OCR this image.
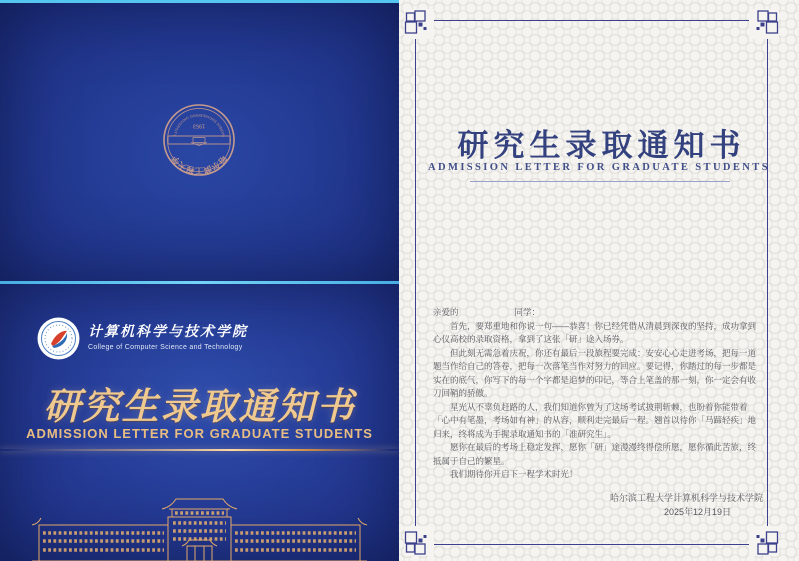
哈尔滨工程大学
HARBIN ENGINEERING UNIVERSITY
1953
计算机科学与技术学院
College of Computer Science and Technology
研究生录取通知书
ADMISSION LETTER FOR GRADUATE STUDENTS
研究生录取通知书
ADMISSION LETTER FOR GRADUATE STUDENTS

亲爱的	同学：

首先，要郑重地和你说一句——恭喜！你已经凭借从清晨到深夜的坚持，成功拿到心仪高校的录取资格，拿到了这张「研」途入场券。

但此刻无需急着庆祝，你还有最后一段旅程要完成：安安心心走进考场，把每一道题当作给自己的答卷，把每一次落笔当作对努力的回应。要记得，你踏过的每一步都是实在的底气，你写下的每一个字都是追梦的印记，等合上笔盖的那一刻，你一定会有收刀回鞘的骄傲。

星光从不辜负赶路的人，我们知道你曾为了这场考试披荆斩棘，也盼着你能带着「心中有笔墨，考场如有神」的从容，顺利走完最后一程。翘首以待你「马蹄轻疾」地归来，终将成为手握录取通知书的「准研究生」。

愿你在最后的考场上稳定发挥，愿你「研」途漫漫终得偿所愿，愿你循此苦旅，终抵属于自己的繁星。

我们期待你开启下一程学术时光！

哈尔滨工程大学计算机科学与技术学院
2025年12月19日
